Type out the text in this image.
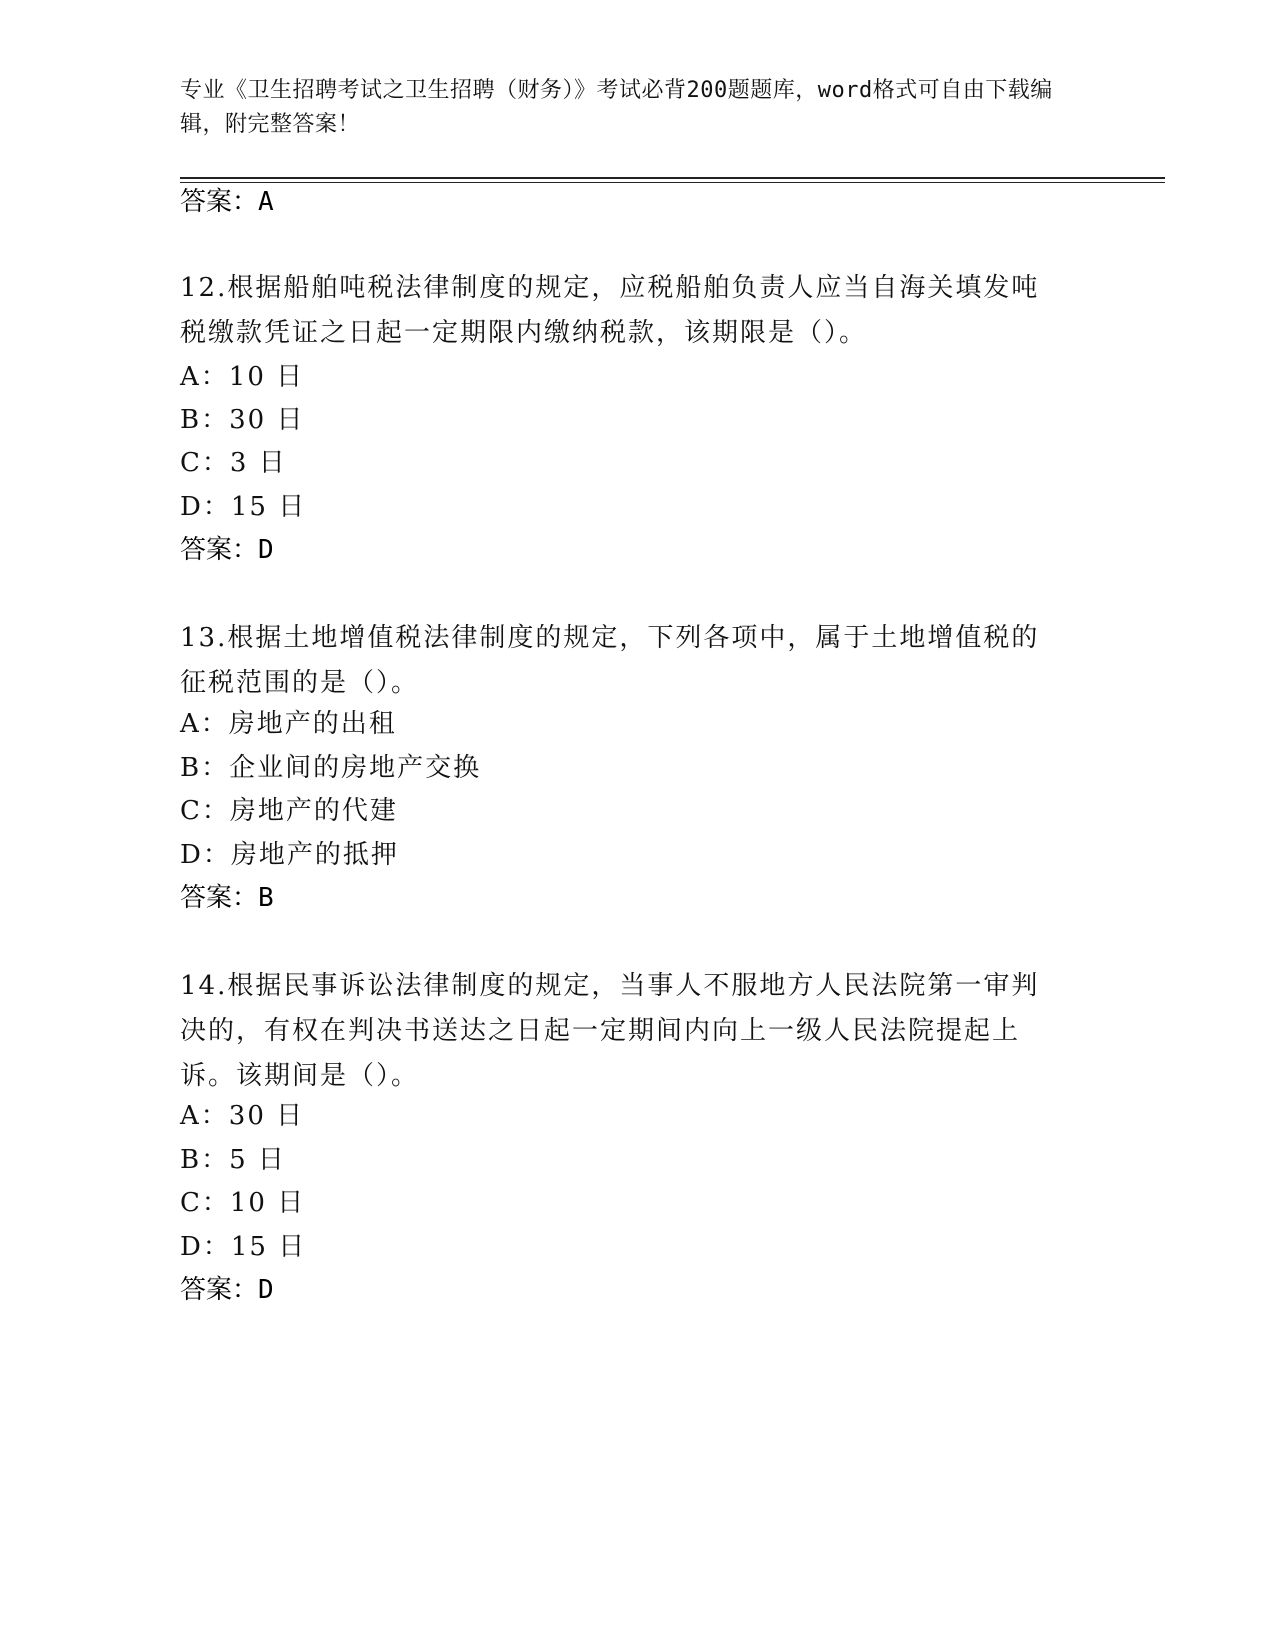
专业《卫生招聘考试之卫生招聘（财务）》考试必背200题题库，word格式可自由下载编辑，附完整答案！
答案：A
12.根据船舶吨税法律制度的规定，应税船舶负责人应当自海关填发吨税缴款凭证之日起一定期限内缴纳税款，该期限是（）。
A：10 日
B：30 日
C：3 日
D：15 日
答案：D
13.根据土地增值税法律制度的规定，下列各项中，属于土地增值税的征税范围的是（）。
A：房地产的出租
B：企业间的房地产交换
C：房地产的代建
D：房地产的抵押
答案：B
14.根据民事诉讼法律制度的规定，当事人不服地方人民法院第一审判决的，有权在判决书送达之日起一定期间内向上一级人民法院提起上诉。该期间是（）。
A：30 日
B：5 日
C：10 日
D：15 日
答案：D
